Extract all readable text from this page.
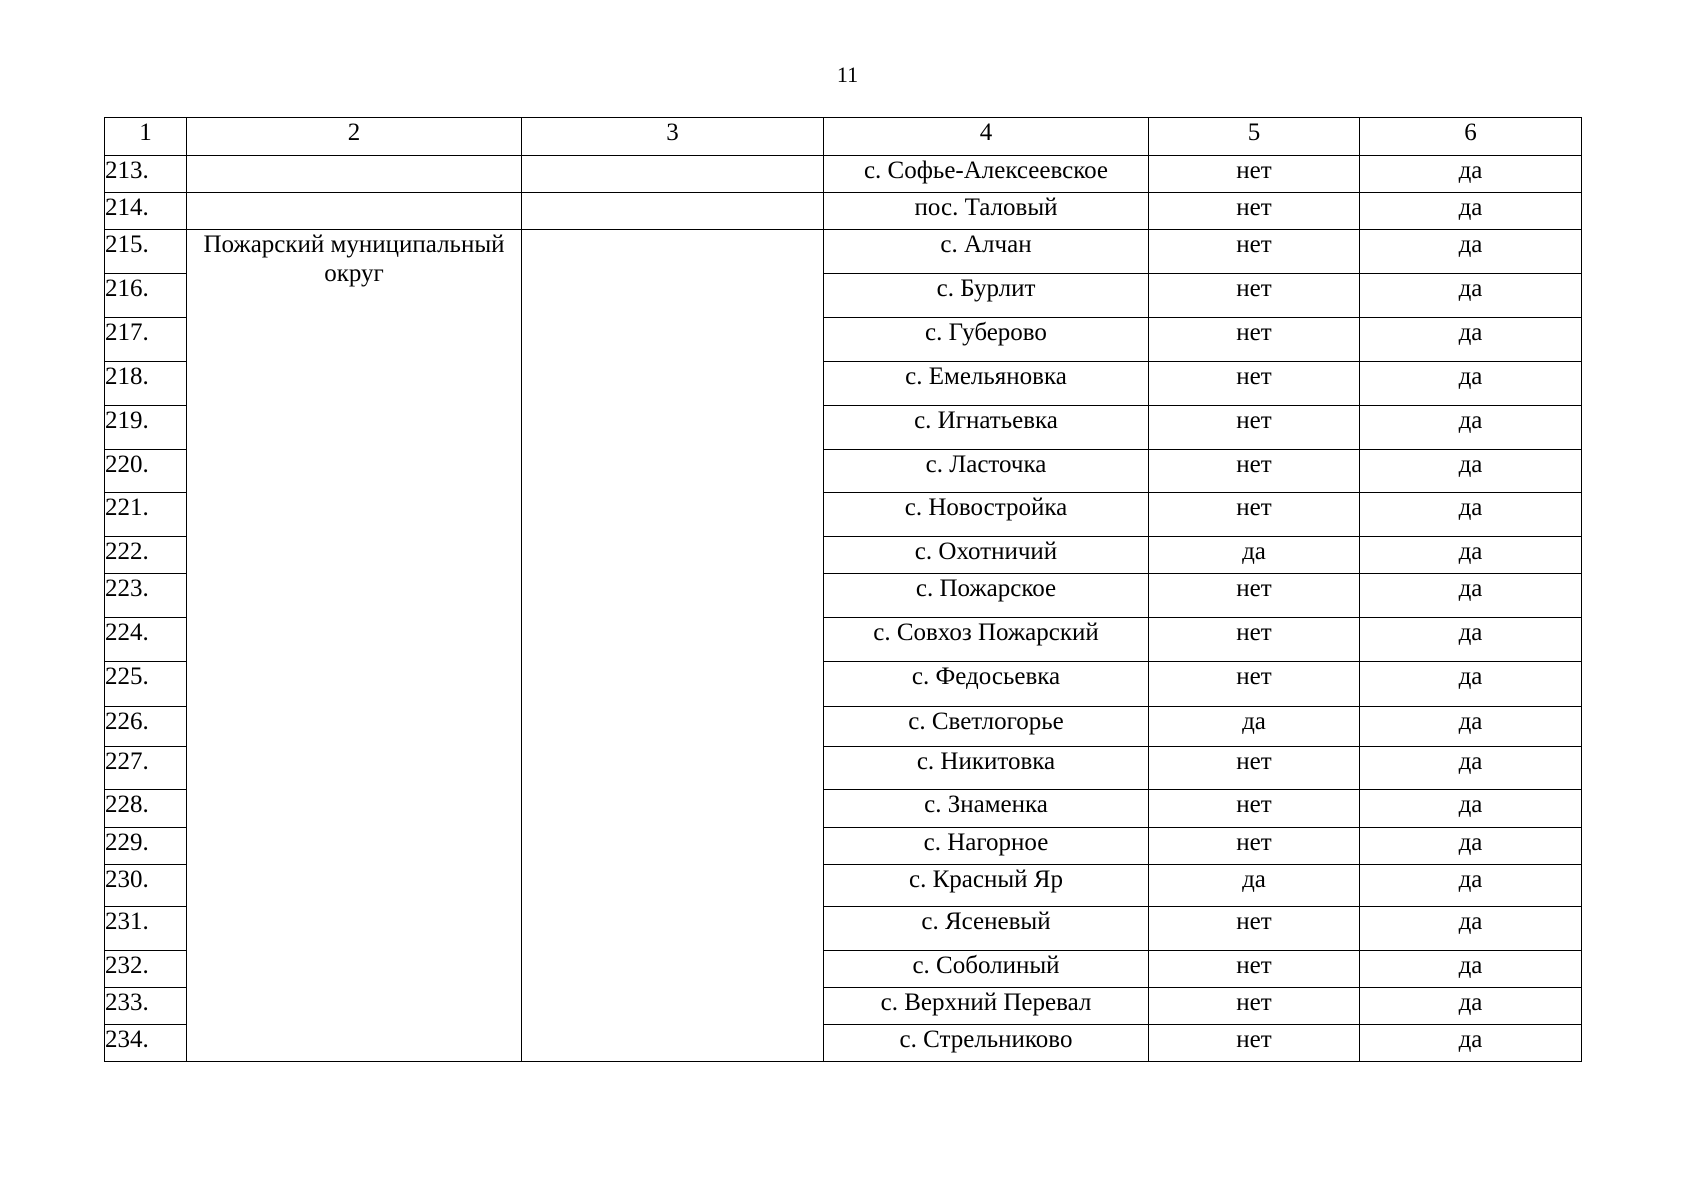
11
1	2	3	4	5	6
213.			с. Софье-Алексеевское	нет	да
214.			пос. Таловый	нет	да
215.	Пожарский муниципальный округ		с. Алчан	нет	да
216.			с. Бурлит	нет	да
217.			с. Губерово	нет	да
218.			с. Емельяновка	нет	да
219.			с. Игнатьевка	нет	да
220.			с. Ласточка	нет	да
221.			с. Новостройка	нет	да
222.			с. Охотничий	да	да
223.			с. Пожарское	нет	да
224.			с. Совхоз Пожарский	нет	да
225.			с. Федосьевка	нет	да
226.			с. Светлогорье	да	да
227.			с. Никитовка	нет	да
228.			с. Знаменка	нет	да
229.			с. Нагорное	нет	да
230.			с. Красный Яр	да	да
231.			с. Ясеневый	нет	да
232.			с. Соболиный	нет	да
233.			с. Верхний Перевал	нет	да
234.			с. Стрельниково	нет	да
